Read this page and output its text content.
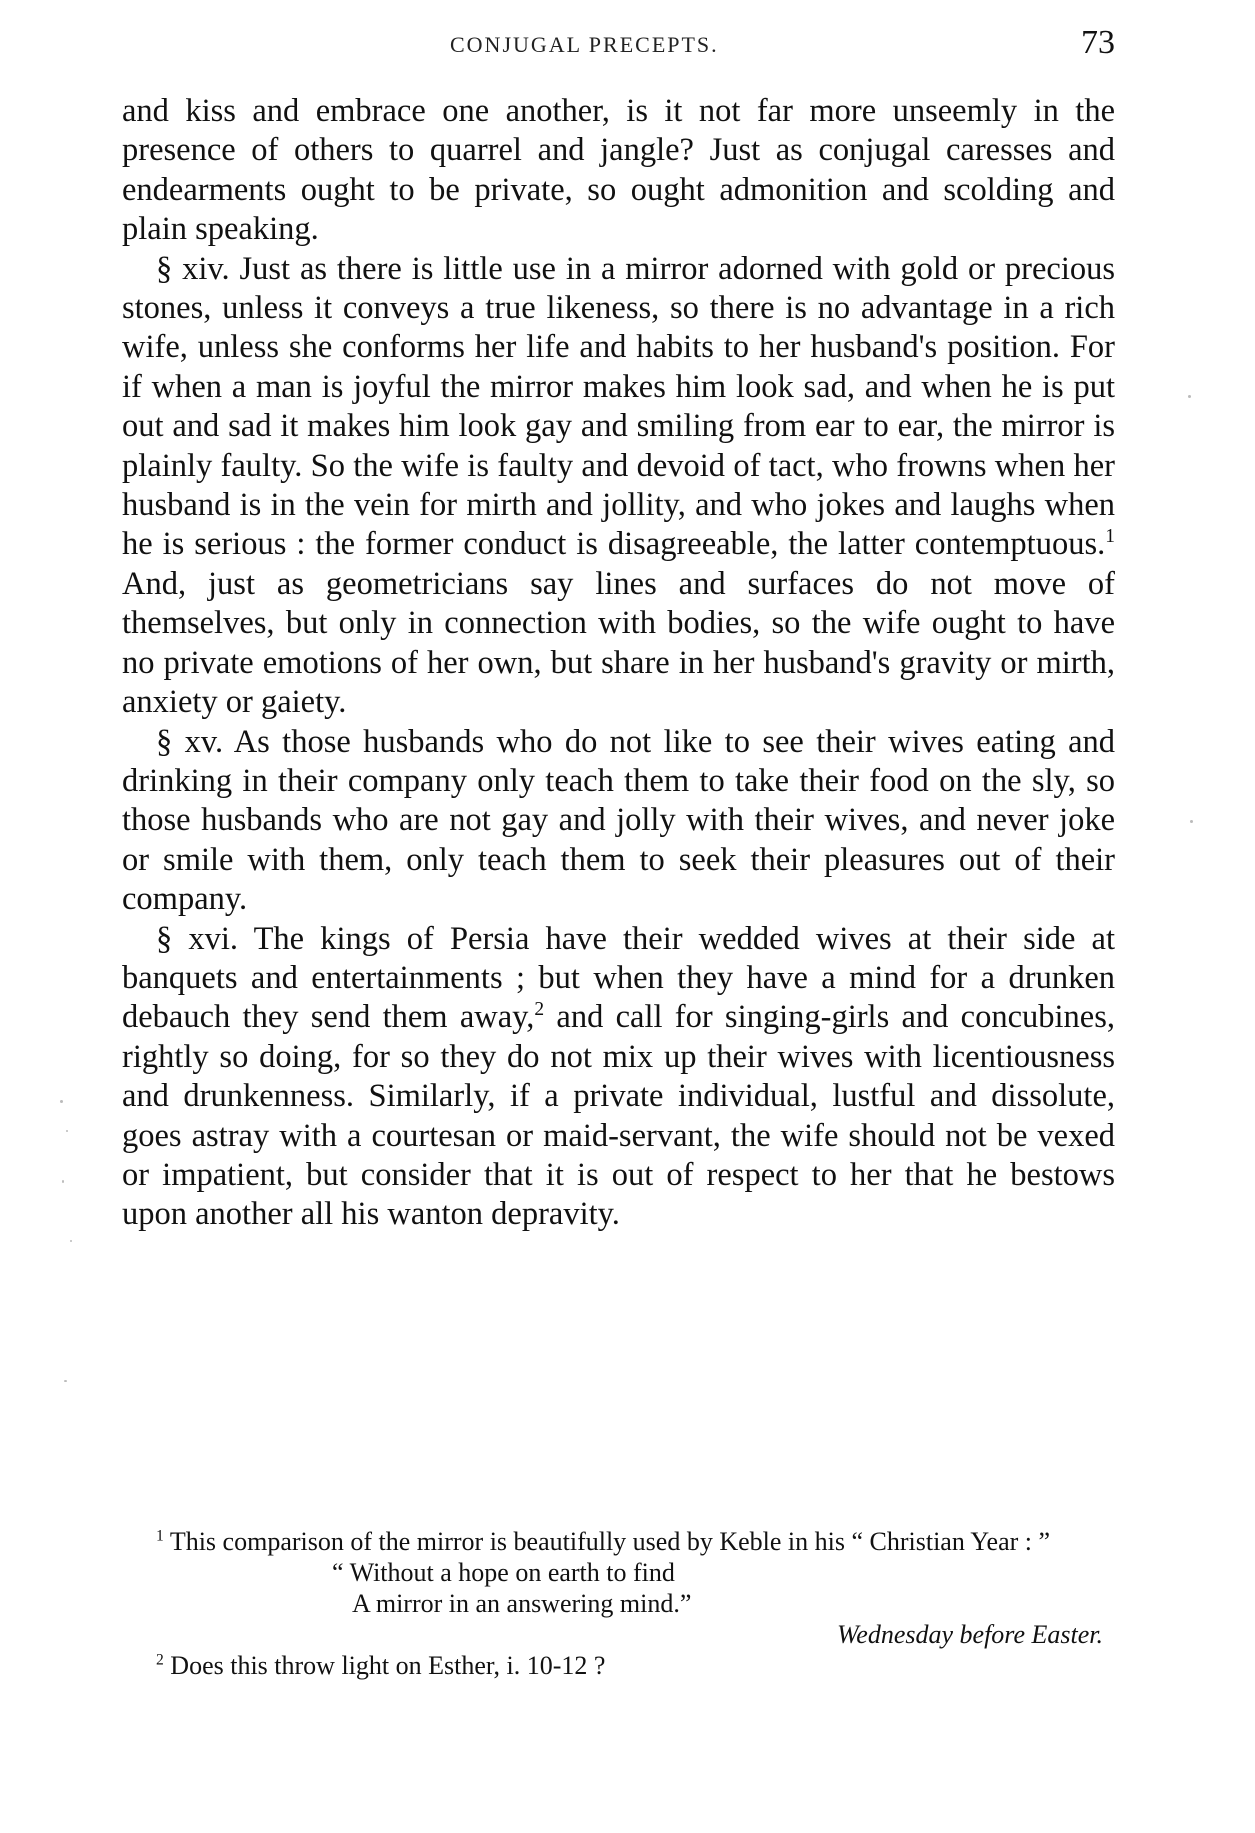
CONJUGAL PRECEPTS.	73

and kiss and embrace one another, is it not far more unseemly in the presence of others to quarrel and jangle? Just as conjugal caresses and endearments ought to be private, so ought admonition and scolding and plain speaking.

§ xiv. Just as there is little use in a mirror adorned with gold or precious stones, unless it conveys a true likeness, so there is no advantage in a rich wife, unless she conforms her life and habits to her husband's position. For if when a man is joyful the mirror makes him look sad, and when he is put out and sad it makes him look gay and smiling from ear to ear, the mirror is plainly faulty. So the wife is faulty and devoid of tact, who frowns when her husband is in the vein for mirth and jollity, and who jokes and laughs when he is serious : the former conduct is disagreeable, the latter contemptuous.$^1$ And, just as geometricians say lines and surfaces do not move of themselves, but only in connection with bodies, so the wife ought to have no private emotions of her own, but share in her husband's gravity or mirth, anxiety or gaiety.

§ xv. As those husbands who do not like to see their wives eating and drinking in their company only teach them to take their food on the sly, so those husbands who are not gay and jolly with their wives, and never joke or smile with them, only teach them to seek their pleasures out of their company.

§ xvi. The kings of Persia have their wedded wives at their side at banquets and entertainments ; but when they have a mind for a drunken debauch they send them away,$^2$ and call for singing-girls and concubines, rightly so doing, for so they do not mix up their wives with licentiousness and drunkenness. Similarly, if a private individual, lustful and dissolute, goes astray with a courtesan or maid-servant, the wife should not be vexed or impatient, but consider that it is out of respect to her that he bestows upon another all his wanton depravity.

$^1$ This comparison of the mirror is beautifully used by Keble in his “ Christian Year : ”

“ Without a hope on earth to find

A mirror in an answering mind.”

Wednesday before Easter.

$^2$ Does this throw light on Esther, i. 10-12 ?
